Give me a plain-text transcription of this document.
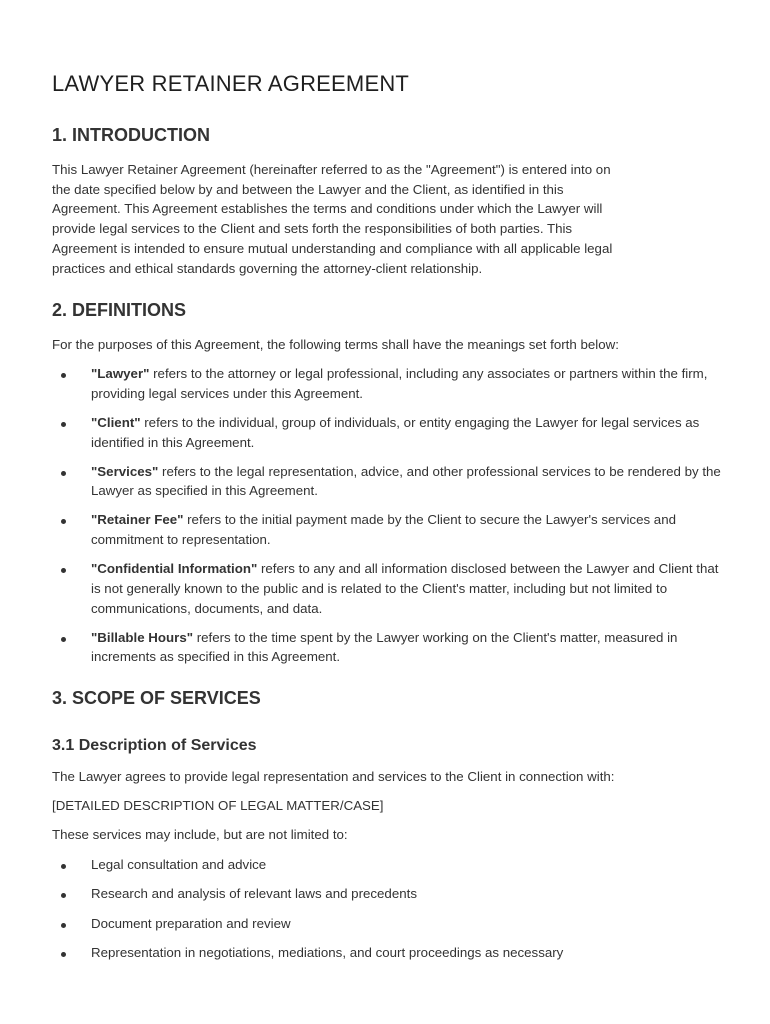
LAWYER RETAINER AGREEMENT
1. INTRODUCTION

This Lawyer Retainer Agreement (hereinafter referred to as the "Agreement") is entered into on
the date specified below by and between the Lawyer and the Client, as identified in this
Agreement. This Agreement establishes the terms and conditions under which the Lawyer will
provide legal services to the Client and sets forth the responsibilities of both parties. This
Agreement is intended to ensure mutual understanding and compliance with all applicable legal
practices and ethical standards governing the attorney-client relationship.

2. DEFINITIONS

For the purposes of this Agreement, the following terms shall have the meanings set forth below:

"Lawyer" refers to the attorney or legal professional, including any associates or partners within the firm, providing legal services under this Agreement.
"Client" refers to the individual, group of individuals, or entity engaging the Lawyer for legal services as identified in this Agreement.
"Services" refers to the legal representation, advice, and other professional services to be rendered by the Lawyer as specified in this Agreement.
"Retainer Fee" refers to the initial payment made by the Client to secure the Lawyer's services and commitment to representation.
"Confidential Information" refers to any and all information disclosed between the Lawyer and Client that is not generally known to the public and is related to the Client's matter, including but not limited to communications, documents, and data.
"Billable Hours" refers to the time spent by the Lawyer working on the Client's matter, measured in increments as specified in this Agreement.
3. SCOPE OF SERVICES
3.1 Description of Services

The Lawyer agrees to provide legal representation and services to the Client in connection with:

[DETAILED DESCRIPTION OF LEGAL MATTER/CASE]

These services may include, but are not limited to:

Legal consultation and advice
Research and analysis of relevant laws and precedents
Document preparation and review
Representation in negotiations, mediations, and court proceedings as necessary
